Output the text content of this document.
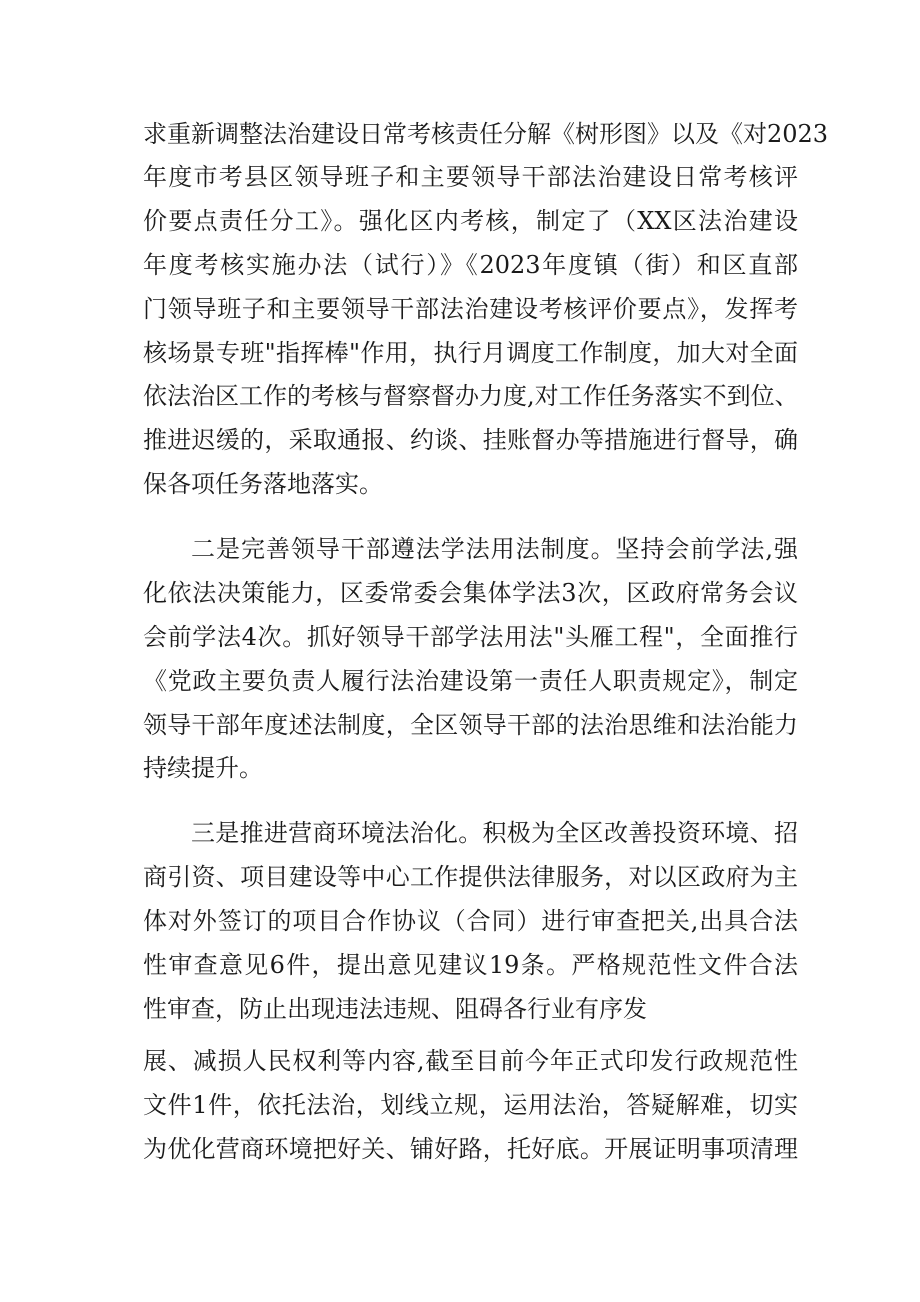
求重新调整法治建设日常考核责任分解《树形图》以及《对2023
年度市考县区领导班子和主要领导干部法治建设日常考核评
价要点责任分工》。强化区内考核，制定了（XX区法治建设
年度考核实施办法（试行）》《2023年度镇（街）和区直部
门领导班子和主要领导干部法治建设考核评价要点》，发挥考
核场景专班"指挥棒"作用，执行月调度工作制度，加大对全面
依法治区工作的考核与督察督办力度,对工作任务落实不到位、
推进迟缓的，采取通报、约谈、挂账督办等措施进行督导，确
保各项任务落地落实。
二是完善领导干部遵法学法用法制度。坚持会前学法,强
化依法决策能力，区委常委会集体学法3次，区政府常务会议
会前学法4次。抓好领导干部学法用法"头雁工程"，全面推行
《党政主要负责人履行法治建设第一责任人职责规定》，制定
领导干部年度述法制度，全区领导干部的法治思维和法治能力
持续提升。
三是推进营商环境法治化。积极为全区改善投资环境、招
商引资、项目建设等中心工作提供法律服务，对以区政府为主
体对外签订的项目合作协议（合同）进行审查把关,出具合法
性审查意见6件，提出意见建议19条。严格规范性文件合法
性审查，防止出现违法违规、阻碍各行业有序发
展、减损人民权利等内容,截至目前今年正式印发行政规范性
文件1件，依托法治，划线立规，运用法治，答疑解难，切实
为优化营商环境把好关、铺好路，托好底。开展证明事项清理
